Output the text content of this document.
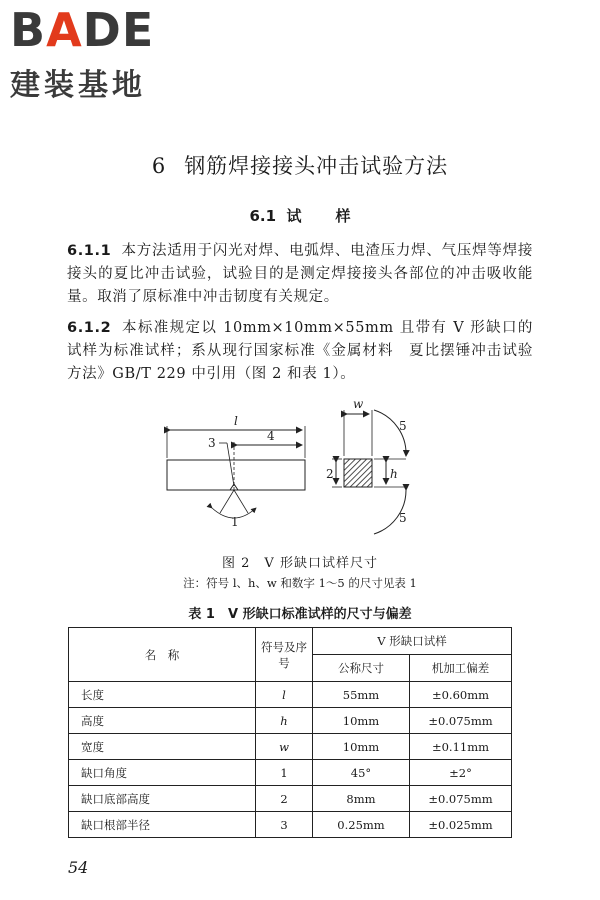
BADE
建装基地
6 钢筋焊接接头冲击试验方法
6.1 试 样
6.1.1 本方法适用于闪光对焊、电弧焊、电渣压力焊、气压焊等焊接接头的夏比冲击试验，试验目的是测定焊接接头各部位的冲击吸收能量。取消了原标准中冲击韧度有关规定。
6.1.2 本标准规定以 10mm×10mm×55mm 且带有 V 形缺口的试样为标准试样；系从现行国家标准《金属材料　夏比摆锤冲击试验方法》GB/T 229 中引用（图 2 和表 1）。
l
4
3
1
w
h
2
5
5
图 2　V 形缺口试样尺寸
注：符号 l、h、w 和数字 1～5 的尺寸见表 1
表 1　V 形缺口标准试样的尺寸与偏差
名　称	符号及序号	V 形缺口试样	
		公称尺寸	机加工偏差
长度	l	55mm	±0.60mm
高度	h	10mm	±0.075mm
宽度	w	10mm	±0.11mm
缺口角度	1	45°	±2°
缺口底部高度	2	8mm	±0.075mm
缺口根部半径	3	0.25mm	±0.025mm
54
